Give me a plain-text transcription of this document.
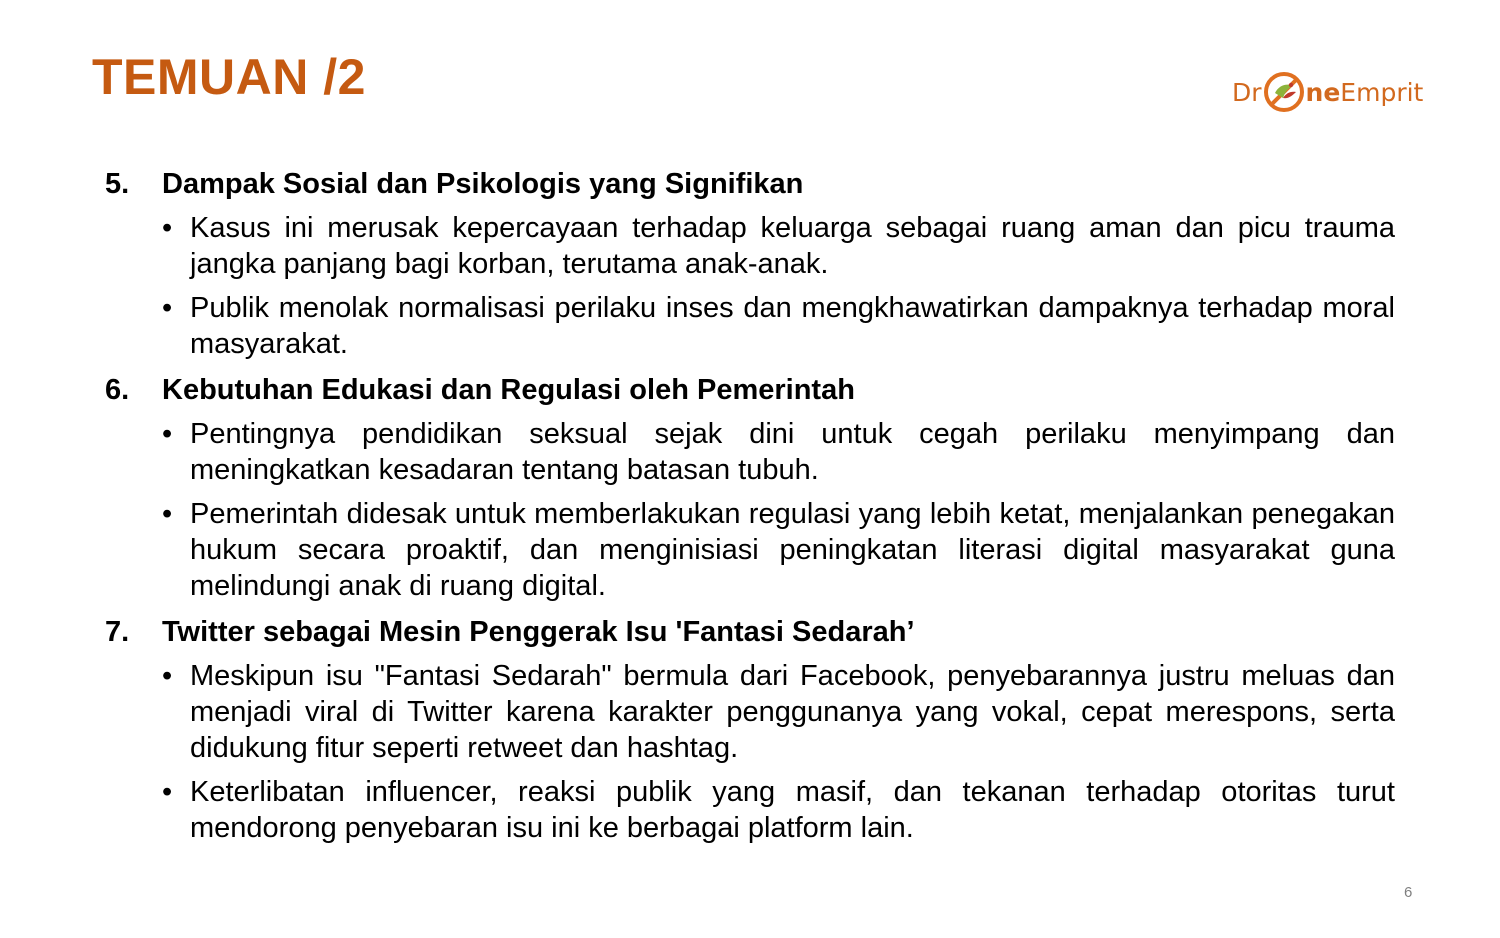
TEMUAN /2	Dr ne Emprit
5.	Dampak Sosial dan Psikologis yang Signifikan
• Kasus ini merusak kepercayaan terhadap keluarga sebagai ruang aman dan picu trauma jangka panjang bagi korban, terutama anak-anak.
• Publik menolak normalisasi perilaku inses dan mengkhawatirkan dampaknya terhadap moral masyarakat.
6.	Kebutuhan Edukasi dan Regulasi oleh Pemerintah
• Pentingnya pendidikan seksual sejak dini untuk cegah perilaku menyimpang dan meningkatkan kesadaran tentang batasan tubuh.
• Pemerintah didesak untuk memberlakukan regulasi yang lebih ketat, menjalankan penegakan hukum secara proaktif, dan menginisiasi peningkatan literasi digital masyarakat guna melindungi anak di ruang digital.
7.	Twitter sebagai Mesin Penggerak Isu 'Fantasi Sedarah’
• Meskipun isu "Fantasi Sedarah" bermula dari Facebook, penyebarannya justru meluas dan menjadi viral di Twitter karena karakter penggunanya yang vokal, cepat merespons, serta didukung fitur seperti retweet dan hashtag.
• Keterlibatan influencer, reaksi publik yang masif, dan tekanan terhadap otoritas turut mendorong penyebaran isu ini ke berbagai platform lain.
6
